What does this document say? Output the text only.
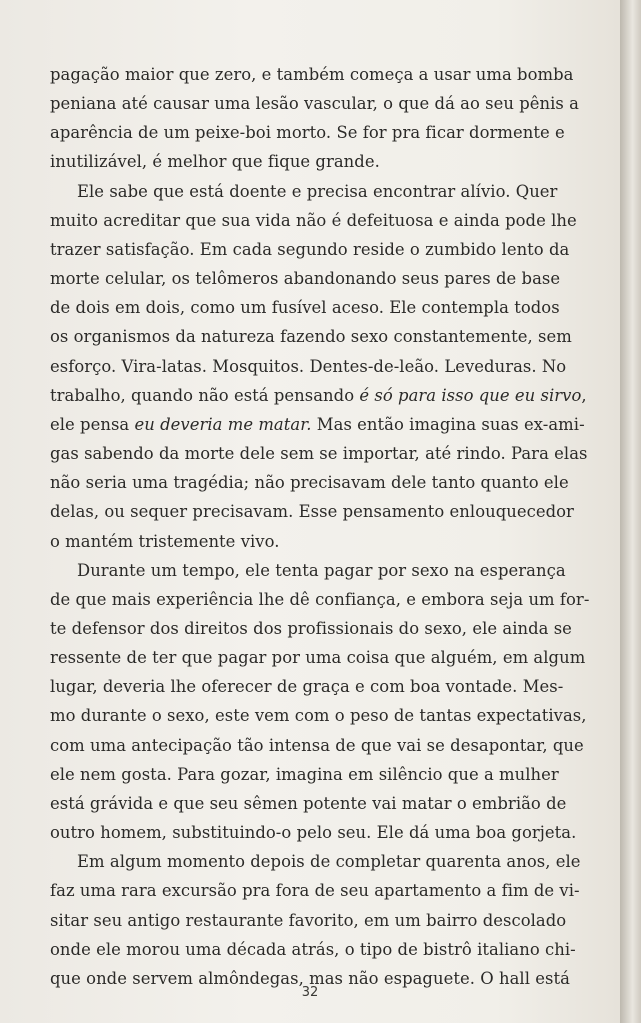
pagação maior que zero, e também começa a usar uma bomba
peniana até causar uma lesão vascular, o que dá ao seu pênis a
aparência de um peixe-boi morto. Se for pra ficar dormente e
inutilizável, é melhor que fique grande.

Ele sabe que está doente e precisa encontrar alívio. Quer
muito acreditar que sua vida não é defeituosa e ainda pode lhe
trazer satisfação. Em cada segundo reside o zumbido lento da
morte celular, os telômeros abandonando seus pares de base
de dois em dois, como um fusível aceso. Ele contempla todos
os organismos da natureza fazendo sexo constantemente, sem
esforço. Vira-latas. Mosquitos. Dentes-de-leão. Leveduras. No
trabalho, quando não está pensando é só para isso que eu sirvo,
ele pensa eu deveria me matar. Mas então imagina suas ex-ami-
gas sabendo da morte dele sem se importar, até rindo. Para elas
não seria uma tragédia; não precisavam dele tanto quanto ele
delas, ou sequer precisavam. Esse pensamento enlouquecedor
o mantém tristemente vivo.

Durante um tempo, ele tenta pagar por sexo na esperança
de que mais experiência lhe dê confiança, e embora seja um for-
te defensor dos direitos dos profissionais do sexo, ele ainda se
ressente de ter que pagar por uma coisa que alguém, em algum
lugar, deveria lhe oferecer de graça e com boa vontade. Mes-
mo durante o sexo, este vem com o peso de tantas expectativas,
com uma antecipação tão intensa de que vai se desapontar, que
ele nem gosta. Para gozar, imagina em silêncio que a mulher
está grávida e que seu sêmen potente vai matar o embrião de
outro homem, substituindo-o pelo seu. Ele dá uma boa gorjeta.

Em algum momento depois de completar quarenta anos, ele
faz uma rara excursão pra fora de seu apartamento a fim de vi-
sitar seu antigo restaurante favorito, em um bairro descolado
onde ele morou uma década atrás, o tipo de bistrô italiano chi-
que onde servem almôndegas, mas não espaguete. O hall está

32
